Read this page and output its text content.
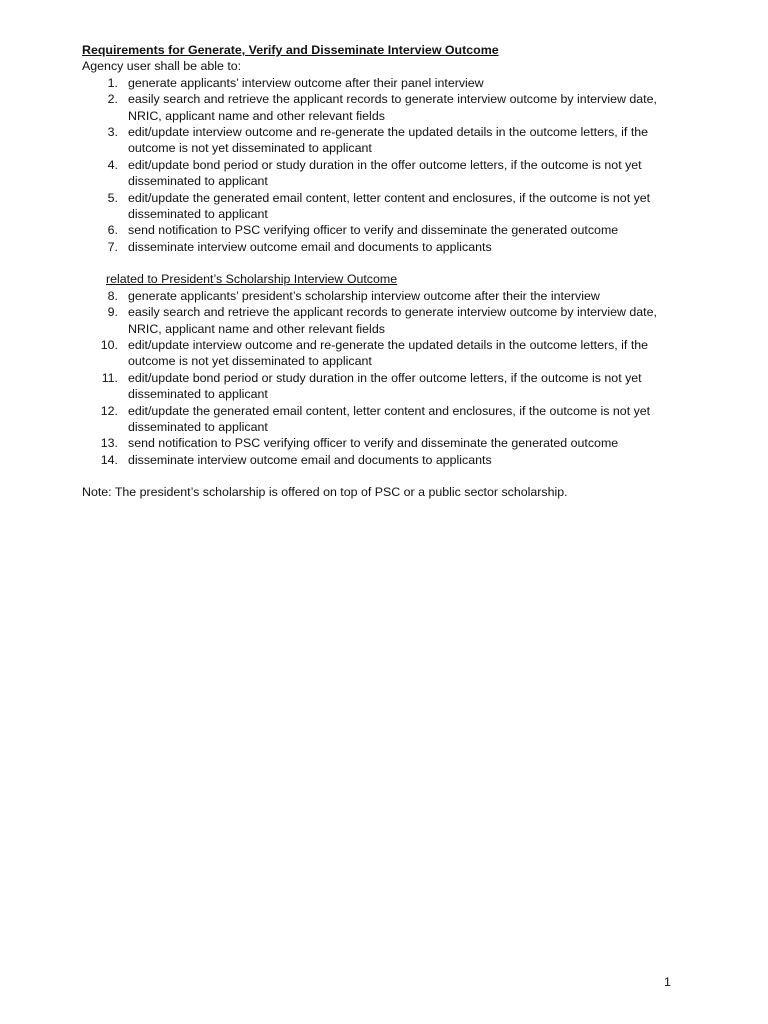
Requirements for Generate, Verify and Disseminate Interview Outcome
Agency user shall be able to:
1. generate applicants’ interview outcome after their panel interview
2. easily search and retrieve the applicant records to generate interview outcome by interview date, NRIC, applicant name and other relevant fields
3. edit/update interview outcome and re-generate the updated details in the outcome letters, if the outcome is not yet disseminated to applicant
4. edit/update bond period or study duration in the offer outcome letters, if the outcome is not yet disseminated to applicant
5. edit/update the generated email content, letter content and enclosures, if the outcome is not yet disseminated to applicant
6. send notification to PSC verifying officer to verify and disseminate the generated outcome
7. disseminate interview outcome email and documents to applicants
related to President’s Scholarship Interview Outcome
8. generate applicants’ president’s scholarship interview outcome after their the interview
9. easily search and retrieve the applicant records to generate interview outcome by interview date, NRIC, applicant name and other relevant fields
10. edit/update interview outcome and re-generate the updated details in the outcome letters, if the outcome is not yet disseminated to applicant
11. edit/update bond period or study duration in the offer outcome letters, if the outcome is not yet disseminated to applicant
12. edit/update the generated email content, letter content and enclosures, if the outcome is not yet disseminated to applicant
13. send notification to PSC verifying officer to verify and disseminate the generated outcome
14. disseminate interview outcome email and documents to applicants
Note: The president’s scholarship is offered on top of PSC or a public sector scholarship.
1
